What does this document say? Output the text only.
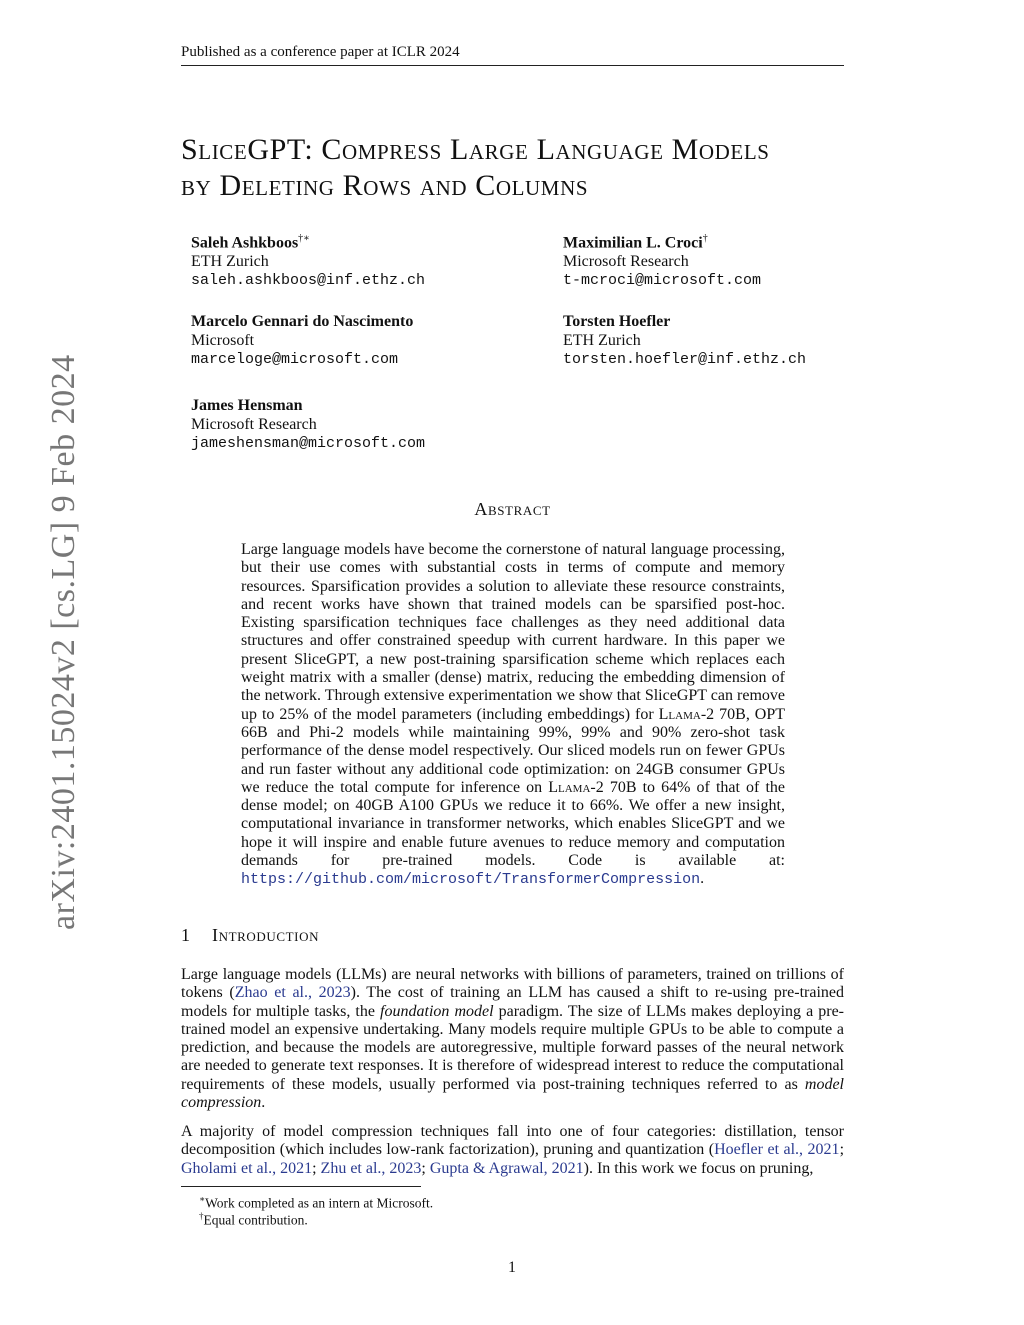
Published as a conference paper at ICLR 2024
arXiv:2401.15024v2 [cs.LG] 9 Feb 2024
SliceGPT: Compress Large Language Models
by Deleting Rows and Columns
Saleh Ashkboos†∗
ETH Zurich
saleh.ashkboos@inf.ethz.ch
Maximilian L. Croci†
Microsoft Research
t-mcroci@microsoft.com
Marcelo Gennari do Nascimento
Microsoft
marceloge@microsoft.com
Torsten Hoefler
ETH Zurich
torsten.hoefler@inf.ethz.ch
James Hensman
Microsoft Research
jameshensman@microsoft.com
Abstract
Large language models have become the cornerstone of natural language processing, but their use comes with substantial costs in terms of compute and memory resources. Sparsification provides a solution to alleviate these resource constraints, and recent works have shown that trained models can be sparsified post-hoc. Existing sparsification techniques face challenges as they need additional data structures and offer constrained speedup with current hardware. In this paper we present SliceGPT, a new post-training sparsification scheme which replaces each weight matrix with a smaller (dense) matrix, reducing the embedding dimension of the network. Through extensive experimentation we show that SliceGPT can remove up to 25% of the model parameters (including embeddings) for Llama-2 70B, OPT 66B and Phi-2 models while maintaining 99%, 99% and 90% zero-shot task performance of the dense model respectively. Our sliced models run on fewer GPUs and run faster without any additional code optimization: on 24GB consumer GPUs we reduce the total compute for inference on Llama-2 70B to 64% of that of the dense model; on 40GB A100 GPUs we reduce it to 66%. We offer a new insight, computational invariance in transformer networks, which enables SliceGPT and we hope it will inspire and enable future avenues to reduce memory and computation demands for pre-trained models. Code is available at: https://github.com/microsoft/TransformerCompression.
1 Introduction
Large language models (LLMs) are neural networks with billions of parameters, trained on trillions of tokens (Zhao et al., 2023). The cost of training an LLM has caused a shift to re-using pre-trained models for multiple tasks, the foundation model paradigm. The size of LLMs makes deploying a pre-trained model an expensive undertaking. Many models require multiple GPUs to be able to compute a prediction, and because the models are autoregressive, multiple forward passes of the neural network are needed to generate text responses. It is therefore of widespread interest to reduce the computational requirements of these models, usually performed via post-training techniques referred to as model compression.
A majority of model compression techniques fall into one of four categories: distillation, tensor decomposition (which includes low-rank factorization), pruning and quantization (Hoefler et al., 2021; Gholami et al., 2021; Zhu et al., 2023; Gupta & Agrawal, 2021). In this work we focus on pruning,
∗Work completed as an intern at Microsoft.
†Equal contribution.
1
